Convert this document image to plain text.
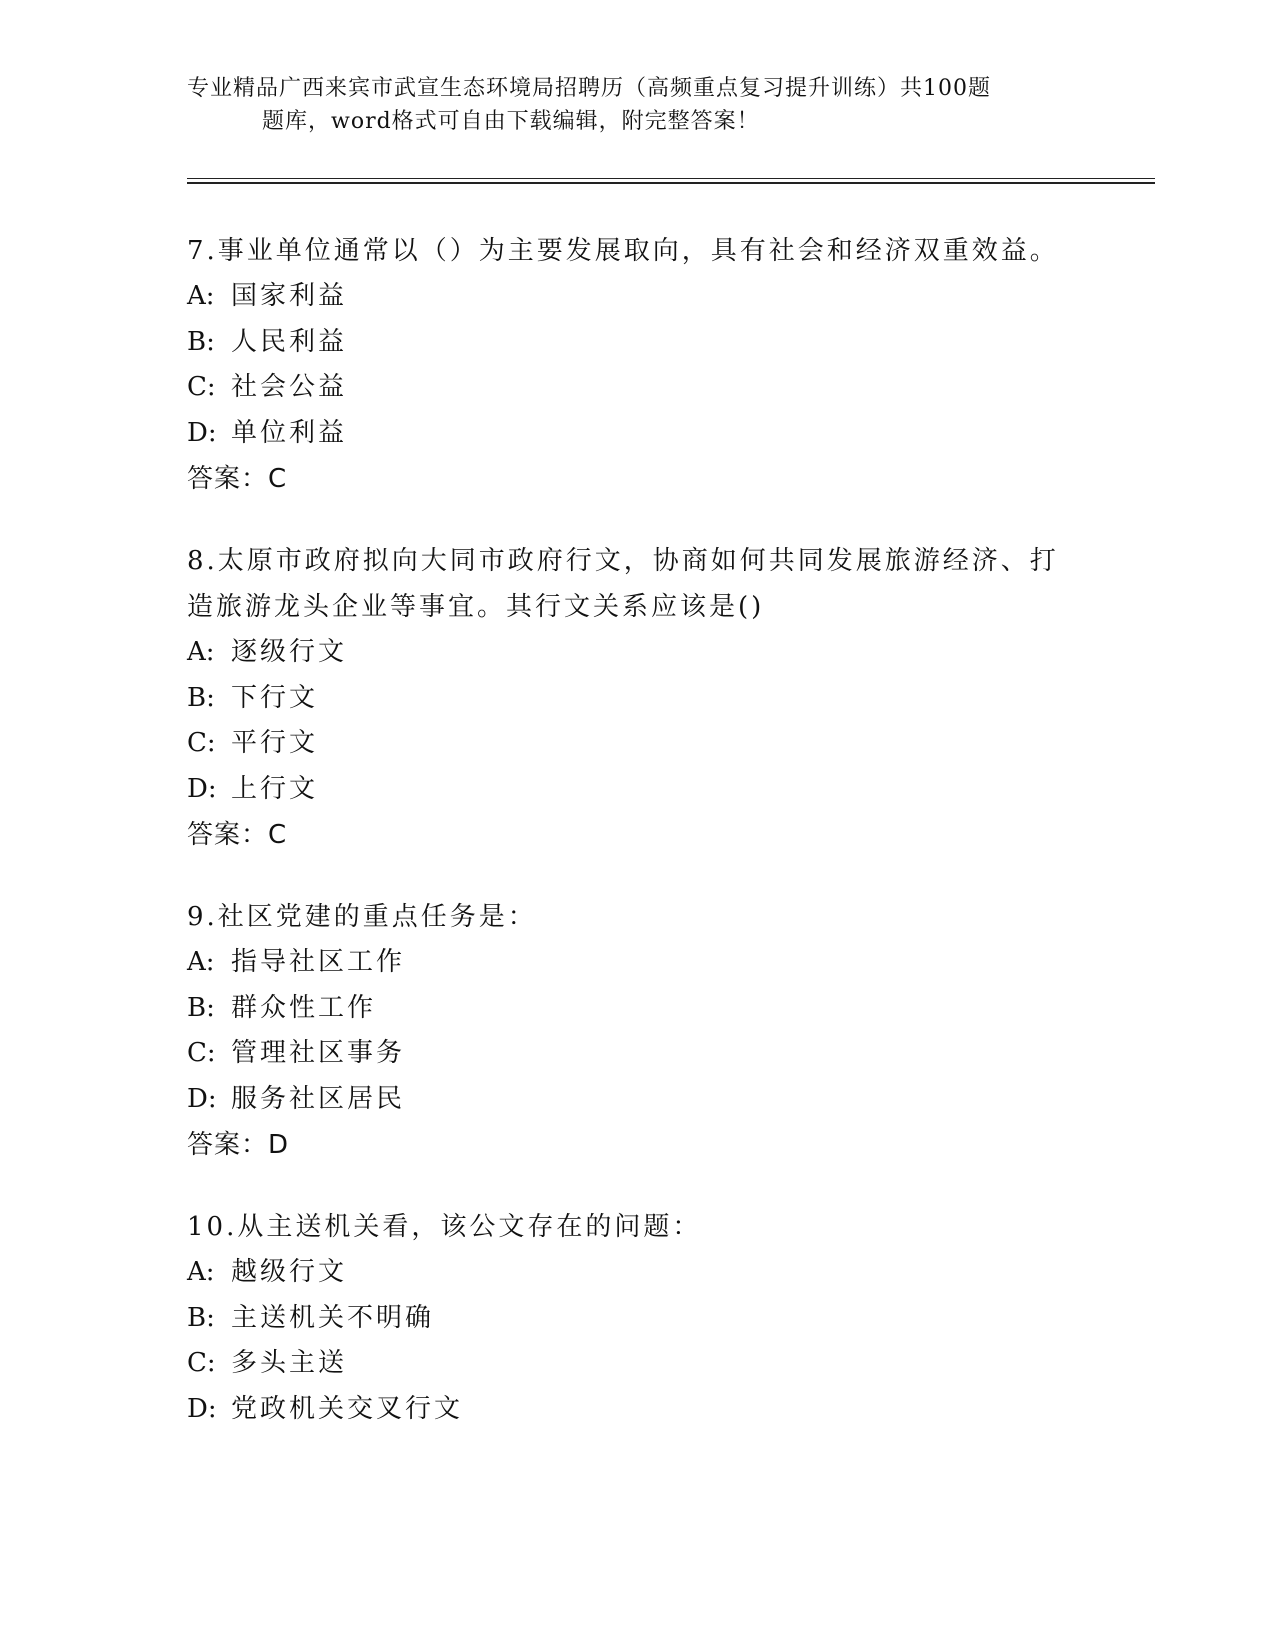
专业精品广西来宾市武宣生态环境局招聘历（高频重点复习提升训练）共100题
题库，word格式可自由下载编辑，附完整答案！

7.事业单位通常以（）为主要发展取向，具有社会和经济双重效益。

A: 国家利益

B: 人民利益

C: 社会公益

D: 单位利益

答案：C

8.太原市政府拟向大同市政府行文，协商如何共同发展旅游经济、打

造旅游龙头企业等事宜。其行文关系应该是()

A: 逐级行文

B: 下行文

C: 平行文

D: 上行文

答案：C

9.社区党建的重点任务是：

A: 指导社区工作

B: 群众性工作

C: 管理社区事务

D: 服务社区居民

答案：D

10.从主送机关看，该公文存在的问题：

A: 越级行文

B: 主送机关不明确

C: 多头主送

D: 党政机关交叉行文
